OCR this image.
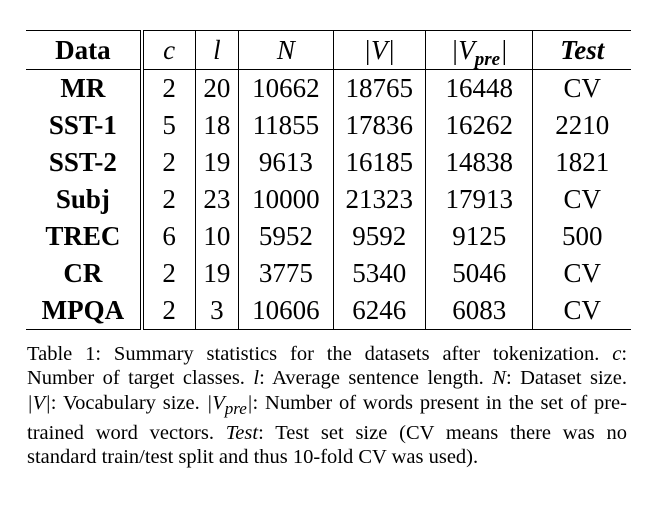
Data	c	l	N	|V|	$|V_{pre}|$	Test
MR	2	20	10662	18765	16448	CV
SST-1	5	18	11855	17836	16262	2210
SST-2	2	19	9613	16185	14838	1821
Subj	2	23	10000	21323	17913	CV
TREC	6	10	5952	9592	9125	500
CR	2	19	3775	5340	5046	CV
MPQA	2	3	10606	6246	6083	CV

Table 1: Summary statistics for the datasets after tokenization. c: Number of target classes. l: Average sentence length. N: Dataset size. |V|: Vocabulary size. $|V_{pre}|$: Number of words present in the set of pre-trained word vectors. Test: Test set size (CV means there was no standard train/test split and thus 10-fold CV was used).
